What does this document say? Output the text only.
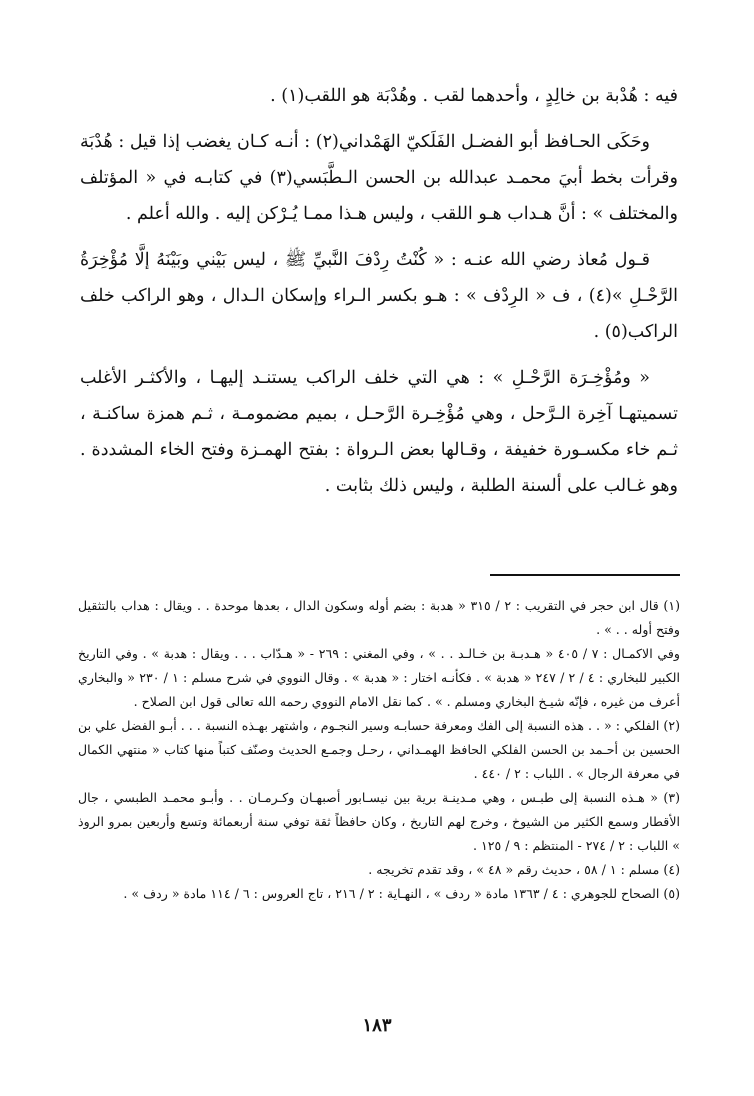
فيه : هُدْبة بن خالِدٍ ، وأحدهما لقب . وهُدْبَة هو اللقب(١) .

وحَكَى الحـافظ أبو الفضـل الفَلَكيّ الهَمْداني(٢) : أنـه كـان يغضب إذا قيل : هُدْبَة وقرأت بخط أبيَ محمـد عبدالله بن الحسن الـطَّبَسي(٣) في كتابـه في « المؤتلف والمختلف » : أنَّ هـداب هـو اللقب ، وليس هـذا ممـا يُـرْكن إليه . والله أعلم .

قـول مُعاذ رضي الله عنـه : « كُنْتُ رِدْفَ النَّبيِّ ﷺ ، ليس بَيْني وبَيْنَهُ إلَّا مُؤْخِرَةُ الرَّحْـلِ »(٤) ، ف « الرِدْف » : هـو بكسر الـراء وإسكان الـدال ، وهو الراكب خلف الراكب(٥) .

« ومُؤْخِـرَة الرَّحْـلِ » : هي التي خلف الراكب يستنـد إليهـا ، والأكثـر الأغلب تسميتهـا آخِرة الـرَّحل ، وهي مُؤْخِـرة الرَّحـل ، بميم مضمومـة ، ثـم همزة ساكنـة ، ثـم خاء مكسـورة خفيفة ، وقـالها بعض الـرواة : بفتح الهمـزة وفتح الخاء المشددة . وهو غـالب على ألسنة الطلبة ، وليس ذلك بثابت .

(١) قال ابن حجر في التقريب : ٢ / ٣١٥ « هدبة : بضم أوله وسكون الدال ، بعدها موحدة . . ويقال : هداب بالتثقيل وفتح أوله . . » .

وفي الاكمـال : ٧ / ٤٠٥ « هـدبـة بن خـالـد . . » ، وفي المغني : ٢٦٩ - « هـدّاب . . . ويقال : هدبة » . وفي التاريخ الكبير للبخاري : ٤ / ٢ / ٢٤٧ « هدبة » . فكأنـه اختار : « هدبة » . وقال النووي في شرح مسلم : ١ / ٢٣٠ « والبخاري أعرف من غيره ، فإنّه شيـخ البخاري ومسلم . » . كما نقل الامام النووي رحمه الله تعالى قول ابن الصلاح .

(٢) الفلكي : « . . هذه النسبة إلى الفك ومعرفة حسابـه وسير النجـوم ، واشتهر بهـذه النسبة . . . أبـو الفضل علي بن الحسين بن أحـمد بن الحسن الفلكي الحافظ الهمـداني ، رحـل وجمـع الحديث وصنّف كتباً منها كتاب « منتهي الكمال في معرفة الرجال » . اللباب : ٢ / ٤٤٠ .

(٣) « هـذه النسبة إلى طبـس ، وهي مـدينـة برية بين نيسـابور أصبهـان وكـرمـان . . وأبـو محمـد الطبسي ، جال الأقطار وسمع الكثير من الشيوخ ، وخرج لهم التاريخ ، وكان حافظاً ثقة توفي سنة أربعمائة وتسع وأربعين بمرو الروذ » اللباب : ٢ / ٢٧٤ - المنتظم : ٩ / ١٢٥ .

(٤) مسلم : ١ / ٥٨ ، حديث رقم « ٤٨ » ، وقد تقدم تخريجه .

(٥) الصحاح للجوهري : ٤ / ١٣٦٣ مادة « ردف » ، النهـاية : ٢ / ٢١٦ ، تاج العروس : ٦ / ١١٤ مادة « ردف » .

١٨٣
